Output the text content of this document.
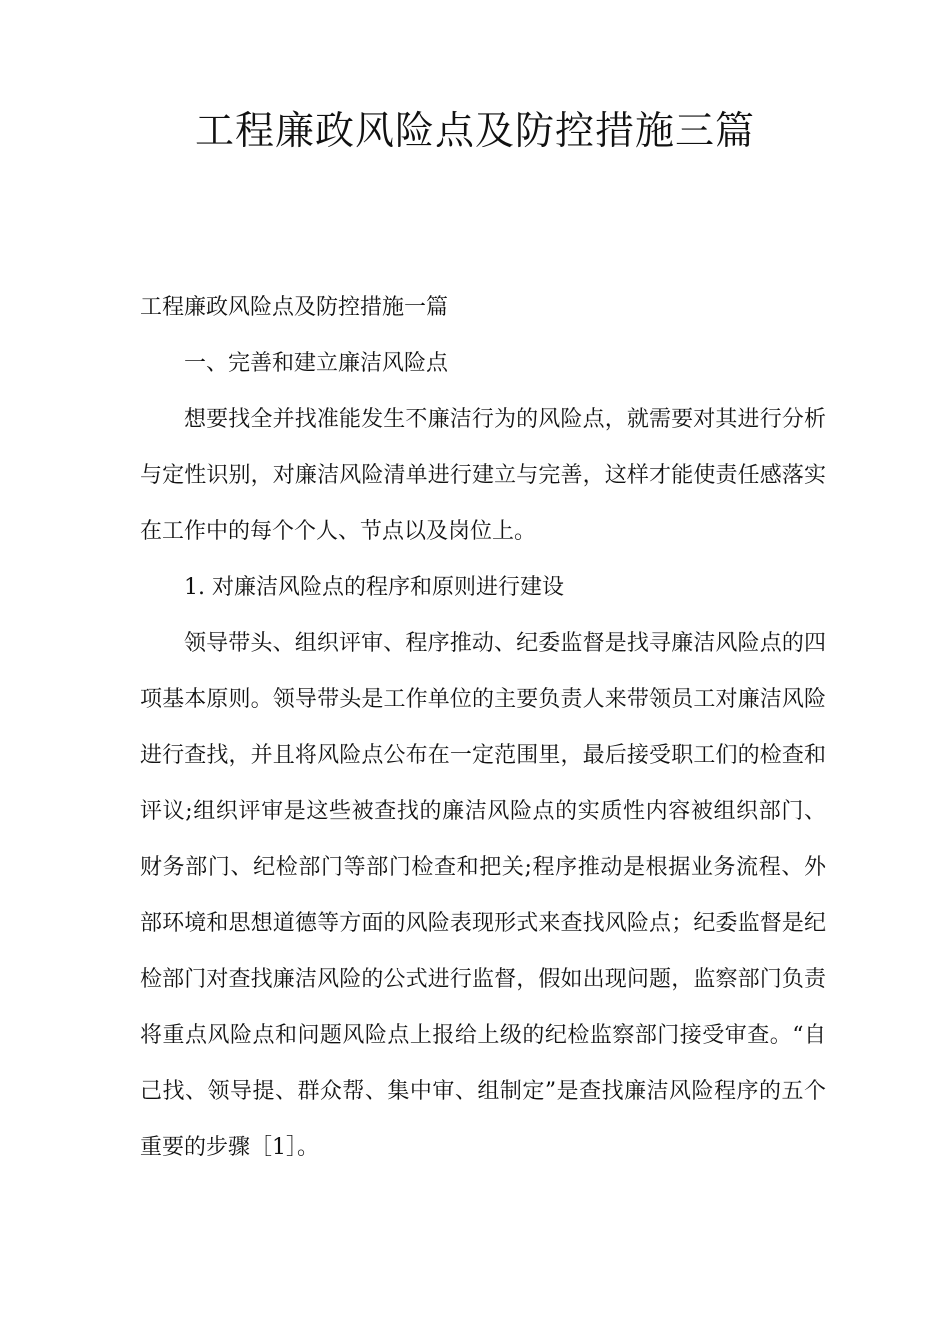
工程廉政风险点及防控措施三篇

工程廉政风险点及防控措施一篇

一、完善和建立廉洁风险点

想要找全并找准能发生不廉洁行为的风险点，就需要对其进行分析与定性识别，对廉洁风险清单进行建立与完善，这样才能使责任感落实在工作中的每个个人、节点以及岗位上。

1. 对廉洁风险点的程序和原则进行建设

领导带头、组织评审、程序推动、纪委监督是找寻廉洁风险点的四项基本原则。领导带头是工作单位的主要负责人来带领员工对廉洁风险进行查找，并且将风险点公布在一定范围里，最后接受职工们的检查和评议;组织评审是这些被查找的廉洁风险点的实质性内容被组织部门、财务部门、纪检部门等部门检查和把关;程序推动是根据业务流程、外部环境和思想道德等方面的风险表现形式来查找风险点；纪委监督是纪检部门对查找廉洁风险的公式进行监督，假如出现问题，监察部门负责将重点风险点和问题风险点上报给上级的纪检监察部门接受审查。“自己找、领导提、群众帮、集中审、组制定”是查找廉洁风险程序的五个重要的步骤［1］。
